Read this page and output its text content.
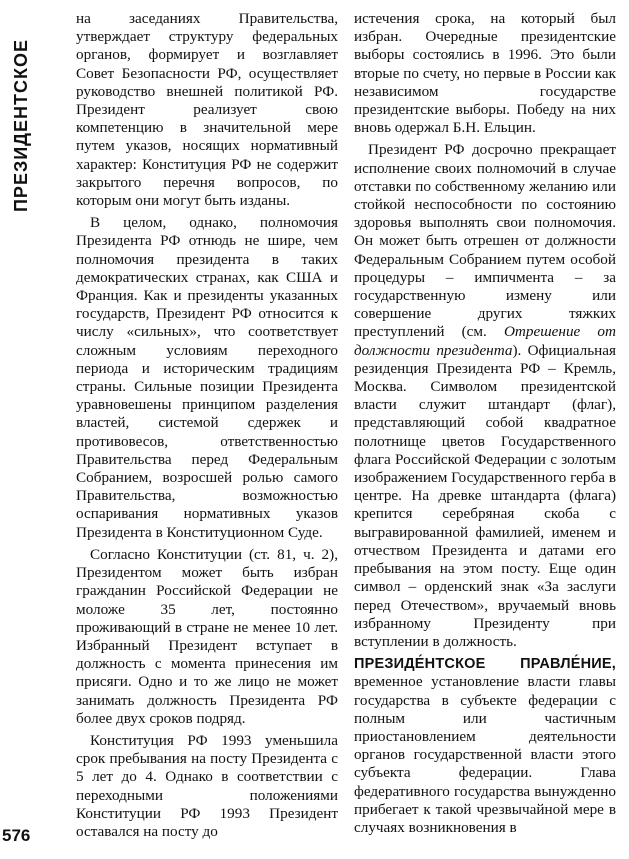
ПРЕЗИДЕНТСКОЕ
576

на заседаниях Правительства, утверждает структуру федеральных органов, формирует и возглавляет Совет Безопасности РФ, осуществляет руководство внешней политикой РФ. Президент реализует свою компетенцию в значительной мере путем указов, носящих нормативный характер: Конституция РФ не содержит закрытого перечня вопросов, по которым они могут быть изданы.

В целом, однако, полномочия Президента РФ отнюдь не шире, чем полномочия президента в таких демократических странах, как США и Франция. Как и президенты указанных государств, Президент РФ относится к числу «сильных», что соответствует сложным условиям переходного периода и историческим традициям страны. Сильные позиции Президента уравновешены принципом разделения властей, системой сдержек и противовесов, ответственностью Правительства перед Федеральным Собранием, возросшей ролью самого Правительства, возможностью оспаривания нормативных указов Президента в Конституционном Суде.

Согласно Конституции (ст. 81, ч. 2), Президентом может быть избран гражданин Российской Федерации не моложе 35 лет, постоянно проживающий в стране не менее 10 лет. Избранный Президент вступает в должность с момента принесения им присяги. Одно и то же лицо не может занимать должность Президента РФ более двух сроков подряд.

Конституция РФ 1993 уменьшила срок пребывания на посту Президента с 5 лет до 4. Однако в соответствии с переходными положениями Конституции РФ 1993 Президент оставался на посту до

истечения срока, на который был избран. Очередные президентские выборы состоялись в 1996. Это были вторые по счету, но первые в России как независимом государстве президентские выборы. Победу на них вновь одержал Б.Н. Ельцин.

Президент РФ досрочно прекращает исполнение своих полномочий в случае отставки по собственному желанию или стойкой неспособности по состоянию здоровья выполнять свои полномочия. Он может быть отрешен от должности Федеральным Собранием путем особой процедуры – импичмента – за государственную измену или совершение других тяжких преступлений (см. Отрешение от должности президента). Официальная резиденция Президента РФ – Кремль, Москва. Символом президентской власти служит штандарт (флаг), представляющий собой квадратное полотнище цветов Государственного флага Российской Федерации с золотым изображением Государственного герба в центре. На древке штандарта (флага) крепится серебряная скоба с выгравированной фамилией, именем и отчеством Президента и датами его пребывания на этом посту. Еще один символ – орденский знак «За заслуги перед Отечеством», вручаемый вновь избранному Президенту при вступлении в должность.

ПРЕЗИДЕ́НТСКОЕ ПРАВЛЕ́НИЕ, временное установление власти главы государства в субъекте федерации с полным или частичным приостановлением деятельности органов государственной власти этого субъекта федерации. Глава федеративного государства вынужденно прибегает к такой чрезвычайной мере в случаях возникновения в
